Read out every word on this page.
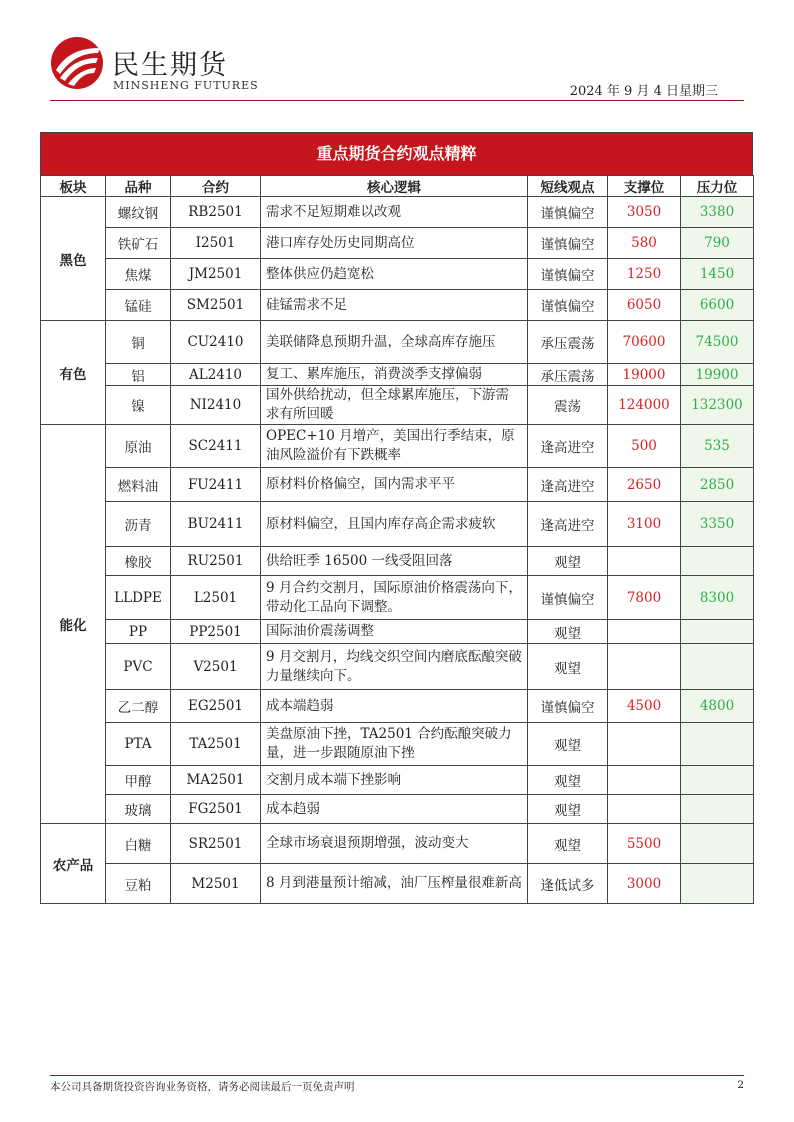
民生期货
MINSHENG FUTURES	2024 年 9 月 4 日星期三
重点期货合约观点精粹
板块	品种	合约	核心逻辑	短线观点	支撑位	压力位
黑色	螺纹钢	RB2501	需求不足短期难以改观	谨慎偏空	3050	3380
	铁矿石	I2501	港口库存处历史同期高位	谨慎偏空	580	790
	焦煤	JM2501	整体供应仍趋宽松	谨慎偏空	1250	1450
	锰硅	SM2501	硅锰需求不足	谨慎偏空	6050	6600
有色	铜	CU2410	美联储降息预期升温，全球高库存施压	承压震荡	70600	74500
	铝	AL2410	复工、累库施压，消费淡季支撑偏弱	承压震荡	19000	19900
	镍	NI2410	国外供给扰动，但全球累库施压，下游需求有所回暖	震荡	124000	132300
能化	原油	SC2411	OPEC+10 月增产，美国出行季结束，原油风险溢价有下跌概率	逢高进空	500	535
	燃料油	FU2411	原材料价格偏空，国内需求平平	逢高进空	2650	2850
	沥青	BU2411	原材料偏空，且国内库存高企需求疲软	逢高进空	3100	3350
	橡胶	RU2501	供给旺季 16500 一线受阻回落	观望		
	LLDPE	L2501	9 月合约交割月，国际原油价格震荡向下，带动化工品向下调整。	谨慎偏空	7800	8300
	PP	PP2501	国际油价震荡调整	观望		
	PVC	V2501	9 月交割月，均线交织空间内磨底酝酿突破力量继续向下。	观望		
	乙二醇	EG2501	成本端趋弱	谨慎偏空	4500	4800
	PTA	TA2501	美盘原油下挫，TA2501 合约酝酿突破力量，进一步跟随原油下挫	观望		
	甲醇	MA2501	交割月成本端下挫影响	观望		
	玻璃	FG2501	成本趋弱	观望		
农产品	白糖	SR2501	全球市场衰退预期增强，波动变大	观望	5500	
	豆粕	M2501	8 月到港量预计缩减，油厂压榨量很难新高	逢低试多	3000	
本公司具备期货投资咨询业务资格，请务必阅读最后一页免责声明	2
